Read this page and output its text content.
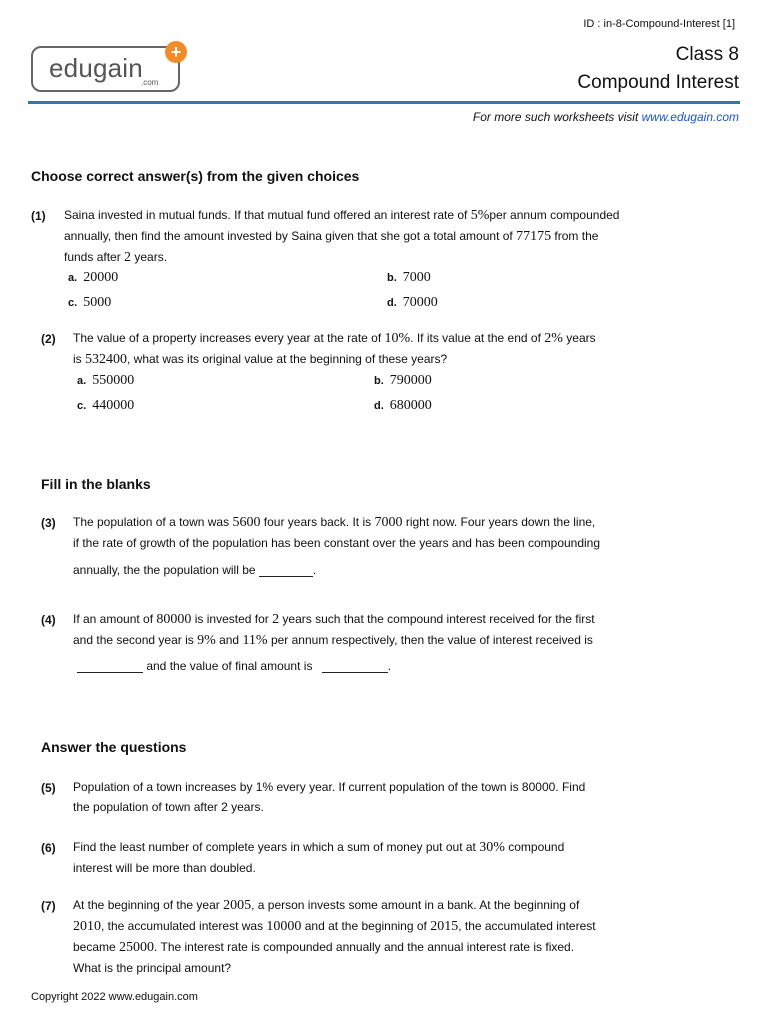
ID : in-8-Compound-Interest [1]
edugain
.com
+	Class 8
Compound Interest
For more such worksheets visit www.edugain.com
Choose correct answer(s) from the given choices
(1) Saina invested in mutual funds. If that mutual fund offered an interest rate of 5%per annum compounded
annually, then find the amount invested by Saina given that she got a total amount of 77175 from the
funds after 2 years.
a. 20000	b. 7000
c. 5000	d. 70000
(2) The value of a property increases every year at the rate of 10%. If its value at the end of 2% years
is 532400, what was its original value at the beginning of these years?
a. 550000	b. 790000
c. 440000	d. 680000
Fill in the blanks
(3) The population of a town was 5600 four years back. It is 7000 right now. Four years down the line,
if the rate of growth of the population has been constant over the years and has been compounding
annually, the the population will be	.
(4) If an amount of 80000 is invested for 2 years such that the compound interest received for the first
and the second year is 9% and 11% per annum respectively, then the value of interest received is
and the value of final amount is	.
Answer the questions
(5) Population of a town increases by 1% every year. If current population of the town is 80000. Find
the population of town after 2 years.
(6) Find the least number of complete years in which a sum of money put out at 30% compound
interest will be more than doubled.
(7) At the beginning of the year 2005, a person invests some amount in a bank. At the beginning of
2010, the accumulated interest was 10000 and at the beginning of 2015, the accumulated interest
became 25000. The interest rate is compounded annually and the annual interest rate is fixed.
What is the principal amount?
Copyright 2022 www.edugain.com
